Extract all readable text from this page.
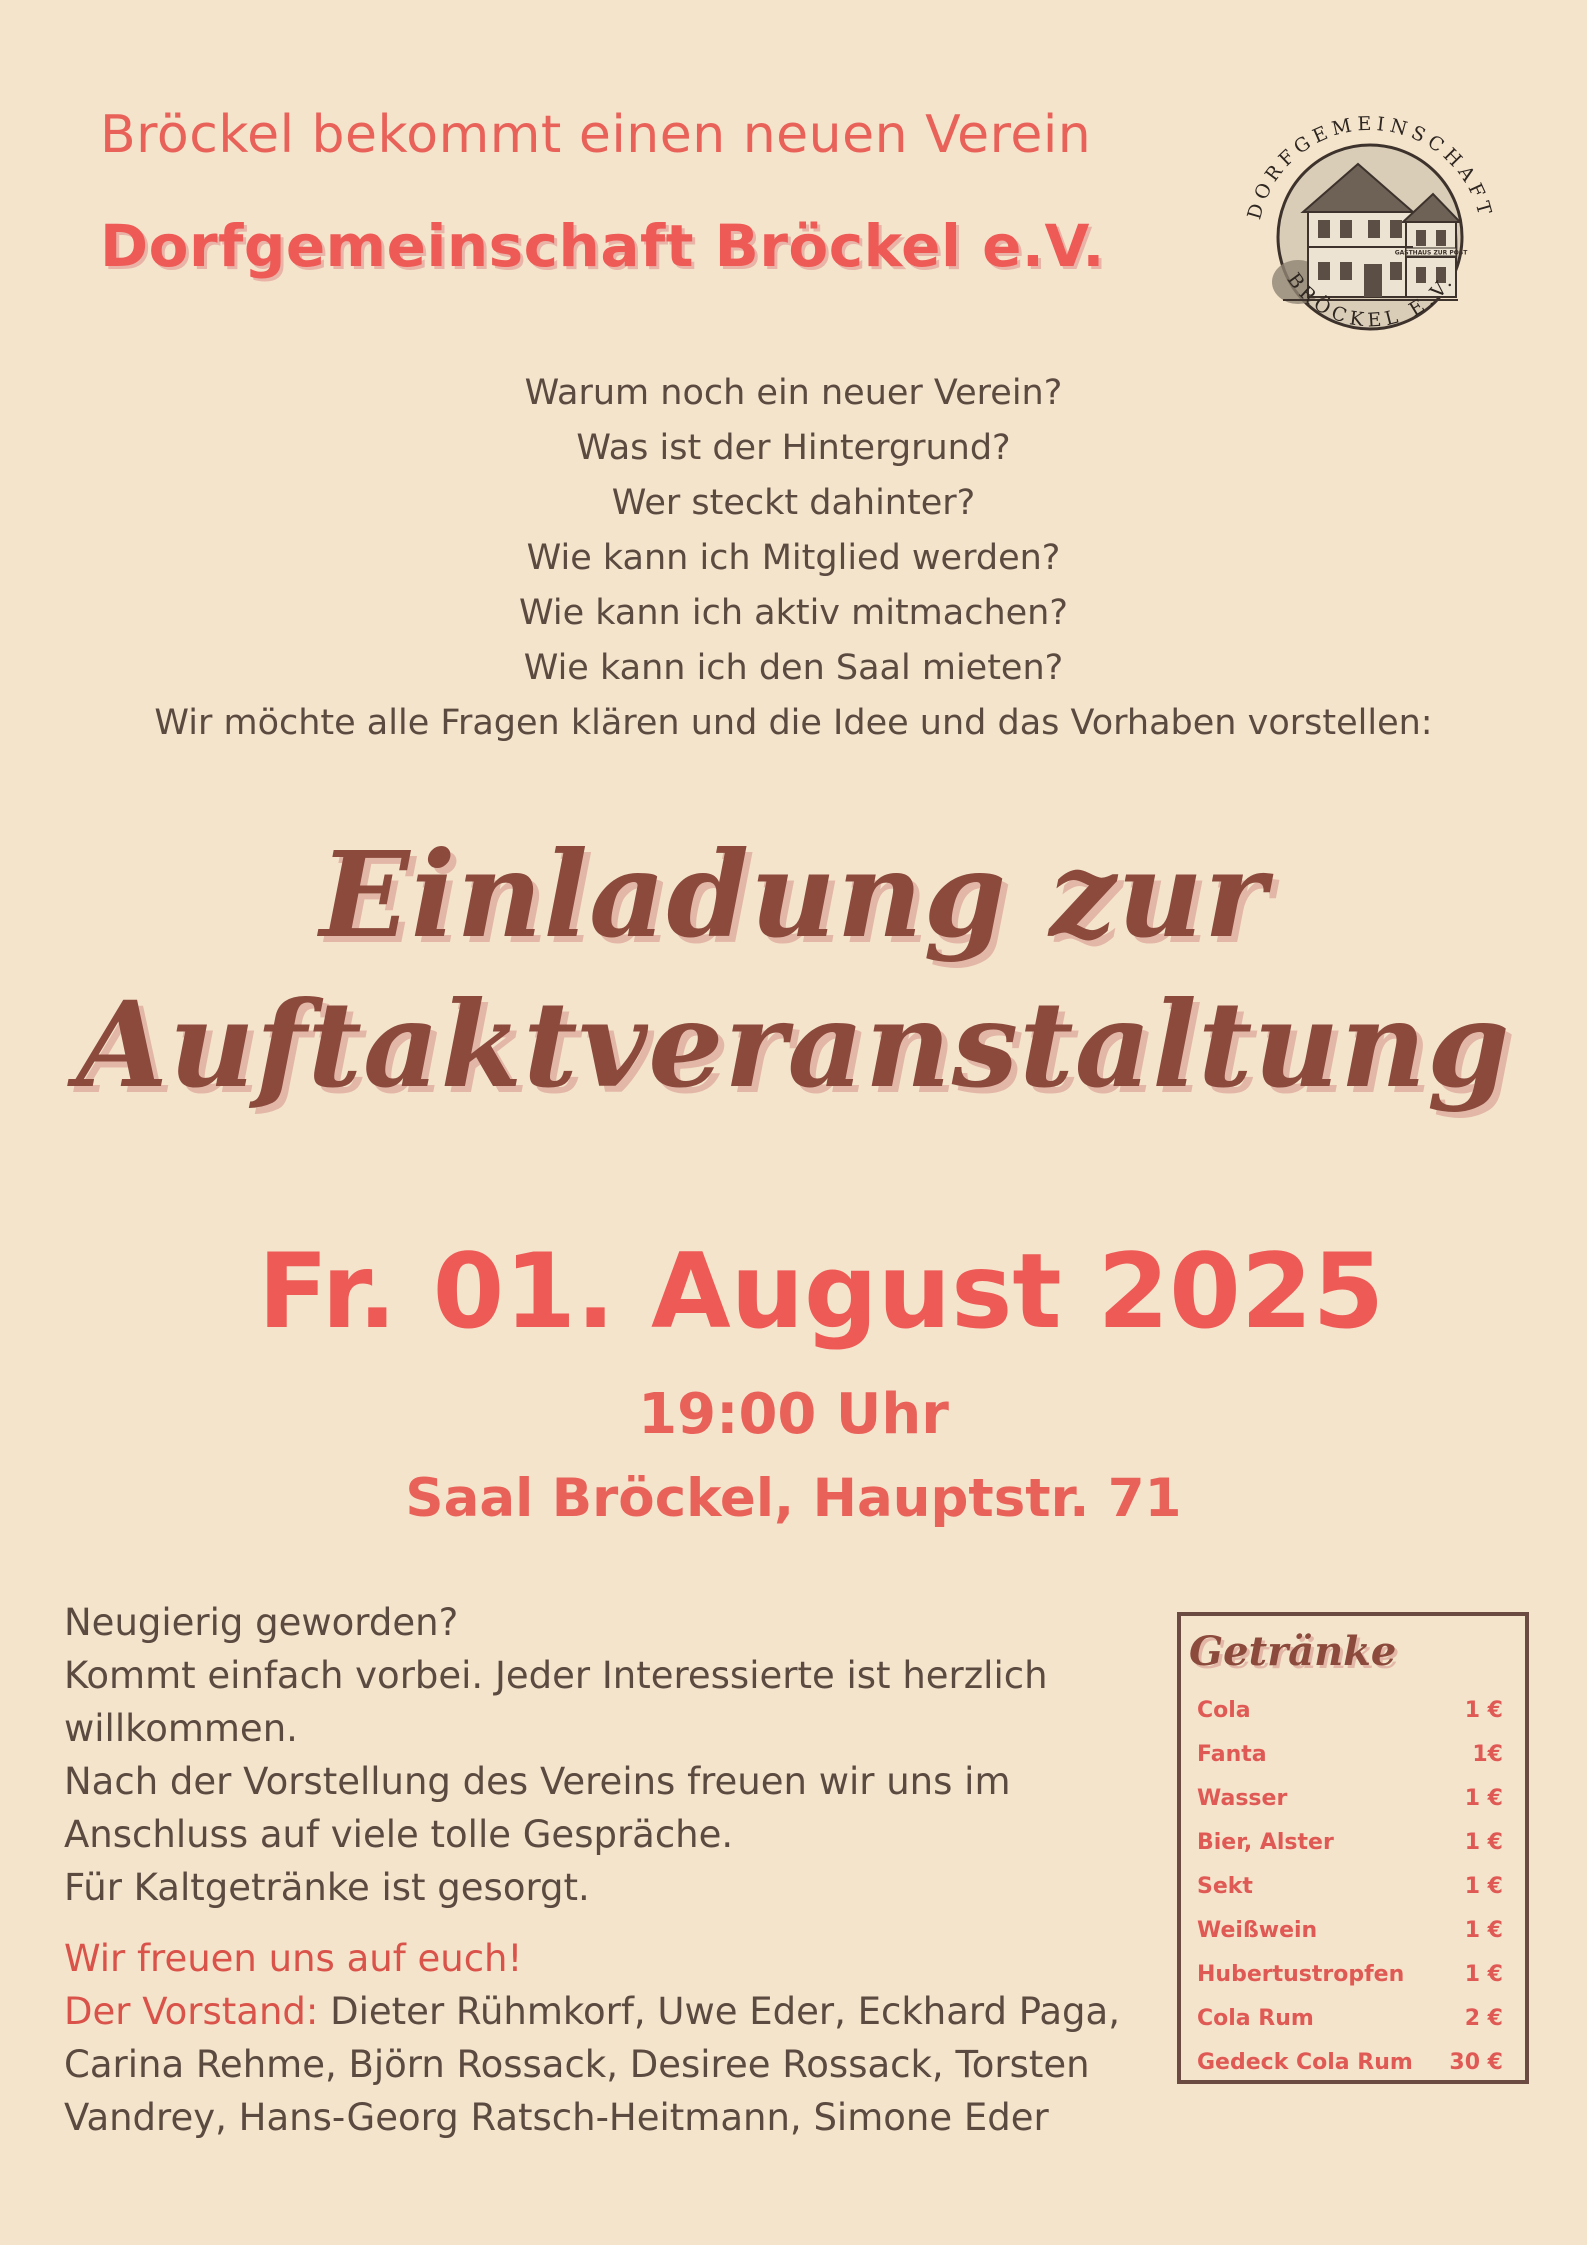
Bröckel bekommt einen neuen Verein
Dorfgemeinschaft Bröckel e.V.	GASTHAUS ZUR POST
DORFGEMEINSCHAFT
BRÖCKEL E.V.
Warum noch ein neuer Verein?
Was ist der Hintergrund?
Wer steckt dahinter?
Wie kann ich Mitglied werden?
Wie kann ich aktiv mitmachen?
Wie kann ich den Saal mieten?
Wir möchte alle Fragen klären und die Idee und das Vorhaben vorstellen:
Einladung zur
Auftaktveranstaltung
Fr. 01. August 2025
19:00 Uhr
Saal Bröckel, Hauptstr. 71
Neugierig geworden?
Kommt einfach vorbei. Jeder Interessierte ist herzlich
willkommen.
Nach der Vorstellung des Vereins freuen wir uns im
Anschluss auf viele tolle Gespräche.
Für Kaltgetränke ist gesorgt.
Wir freuen uns auf euch!
Der Vorstand: Dieter Rühmkorf, Uwe Eder, Eckhard Paga,
Carina Rehme, Björn Rossack, Desiree Rossack, Torsten
Vandrey, Hans-Georg Ratsch-Heitmann, Simone Eder
Getränke
Cola	1 €
Fanta	1€
Wasser	1 €
Bier, Alster	1 €
Sekt	1 €
Weißwein	1 €
Hubertustropfen	1 €
Cola Rum	2 €
Gedeck Cola Rum 30 €
